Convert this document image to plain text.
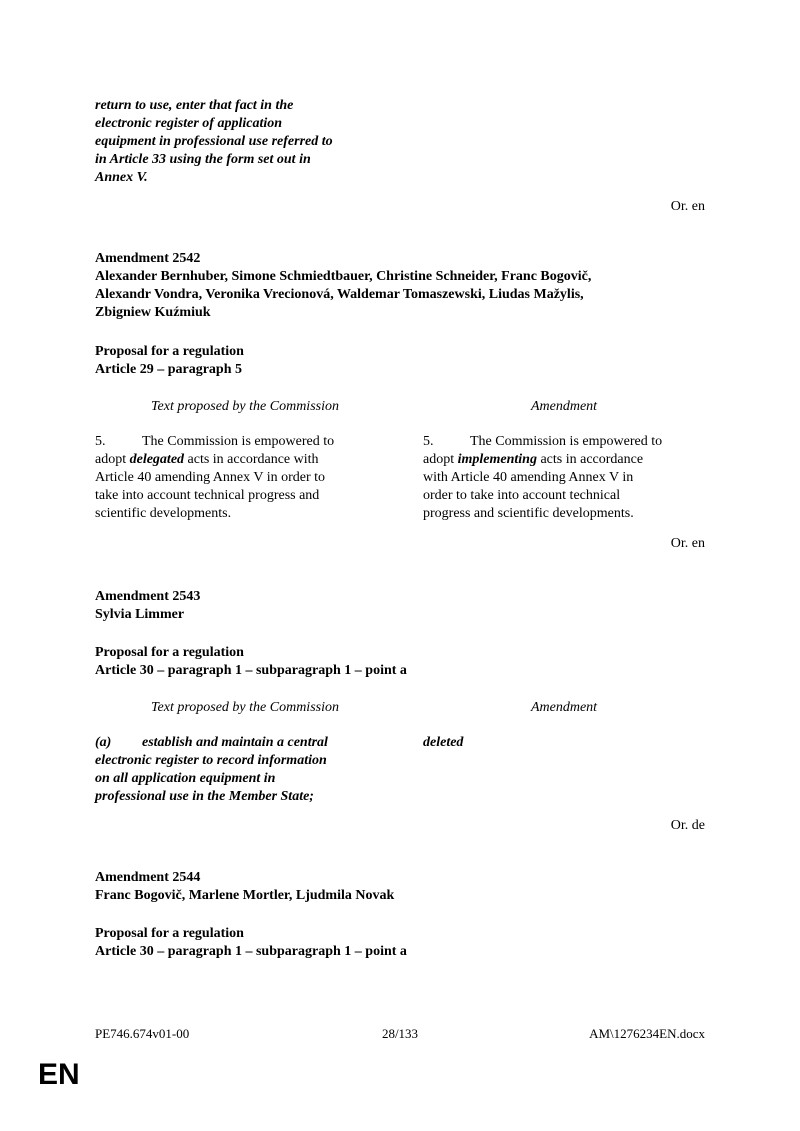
return to use, enter that fact in the
electronic register of application
equipment in professional use referred to
in Article 33 using the form set out in
Annex V.
Or. en
Amendment 2542
Alexander Bernhuber, Simone Schmiedtbauer, Christine Schneider, Franc Bogovič,
Alexandr Vondra, Veronika Vrecionová, Waldemar Tomaszewski, Liudas Mažylis,
Zbigniew Kuźmiuk
Proposal for a regulation
Article 29 – paragraph 5
Text proposed by the Commission	Amendment
5.	The Commission is empowered to
adopt delegated acts in accordance with
Article 40 amending Annex V in order to
take into account technical progress and
scientific developments.
5.	The Commission is empowered to
adopt implementing acts in accordance
with Article 40 amending Annex V in
order to take into account technical
progress and scientific developments.
Or. en
Amendment 2543
Sylvia Limmer
Proposal for a regulation
Article 30 – paragraph 1 – subparagraph 1 – point a
Text proposed by the Commission	Amendment
(a) establish and maintain a central
electronic register to record information
on all application equipment in
professional use in the Member State;
deleted
Or. de
Amendment 2544
Franc Bogovič, Marlene Mortler, Ljudmila Novak
Proposal for a regulation
Article 30 – paragraph 1 – subparagraph 1 – point a
PE746.674v01-00	28/133	AM\1276234EN.docx
EN
